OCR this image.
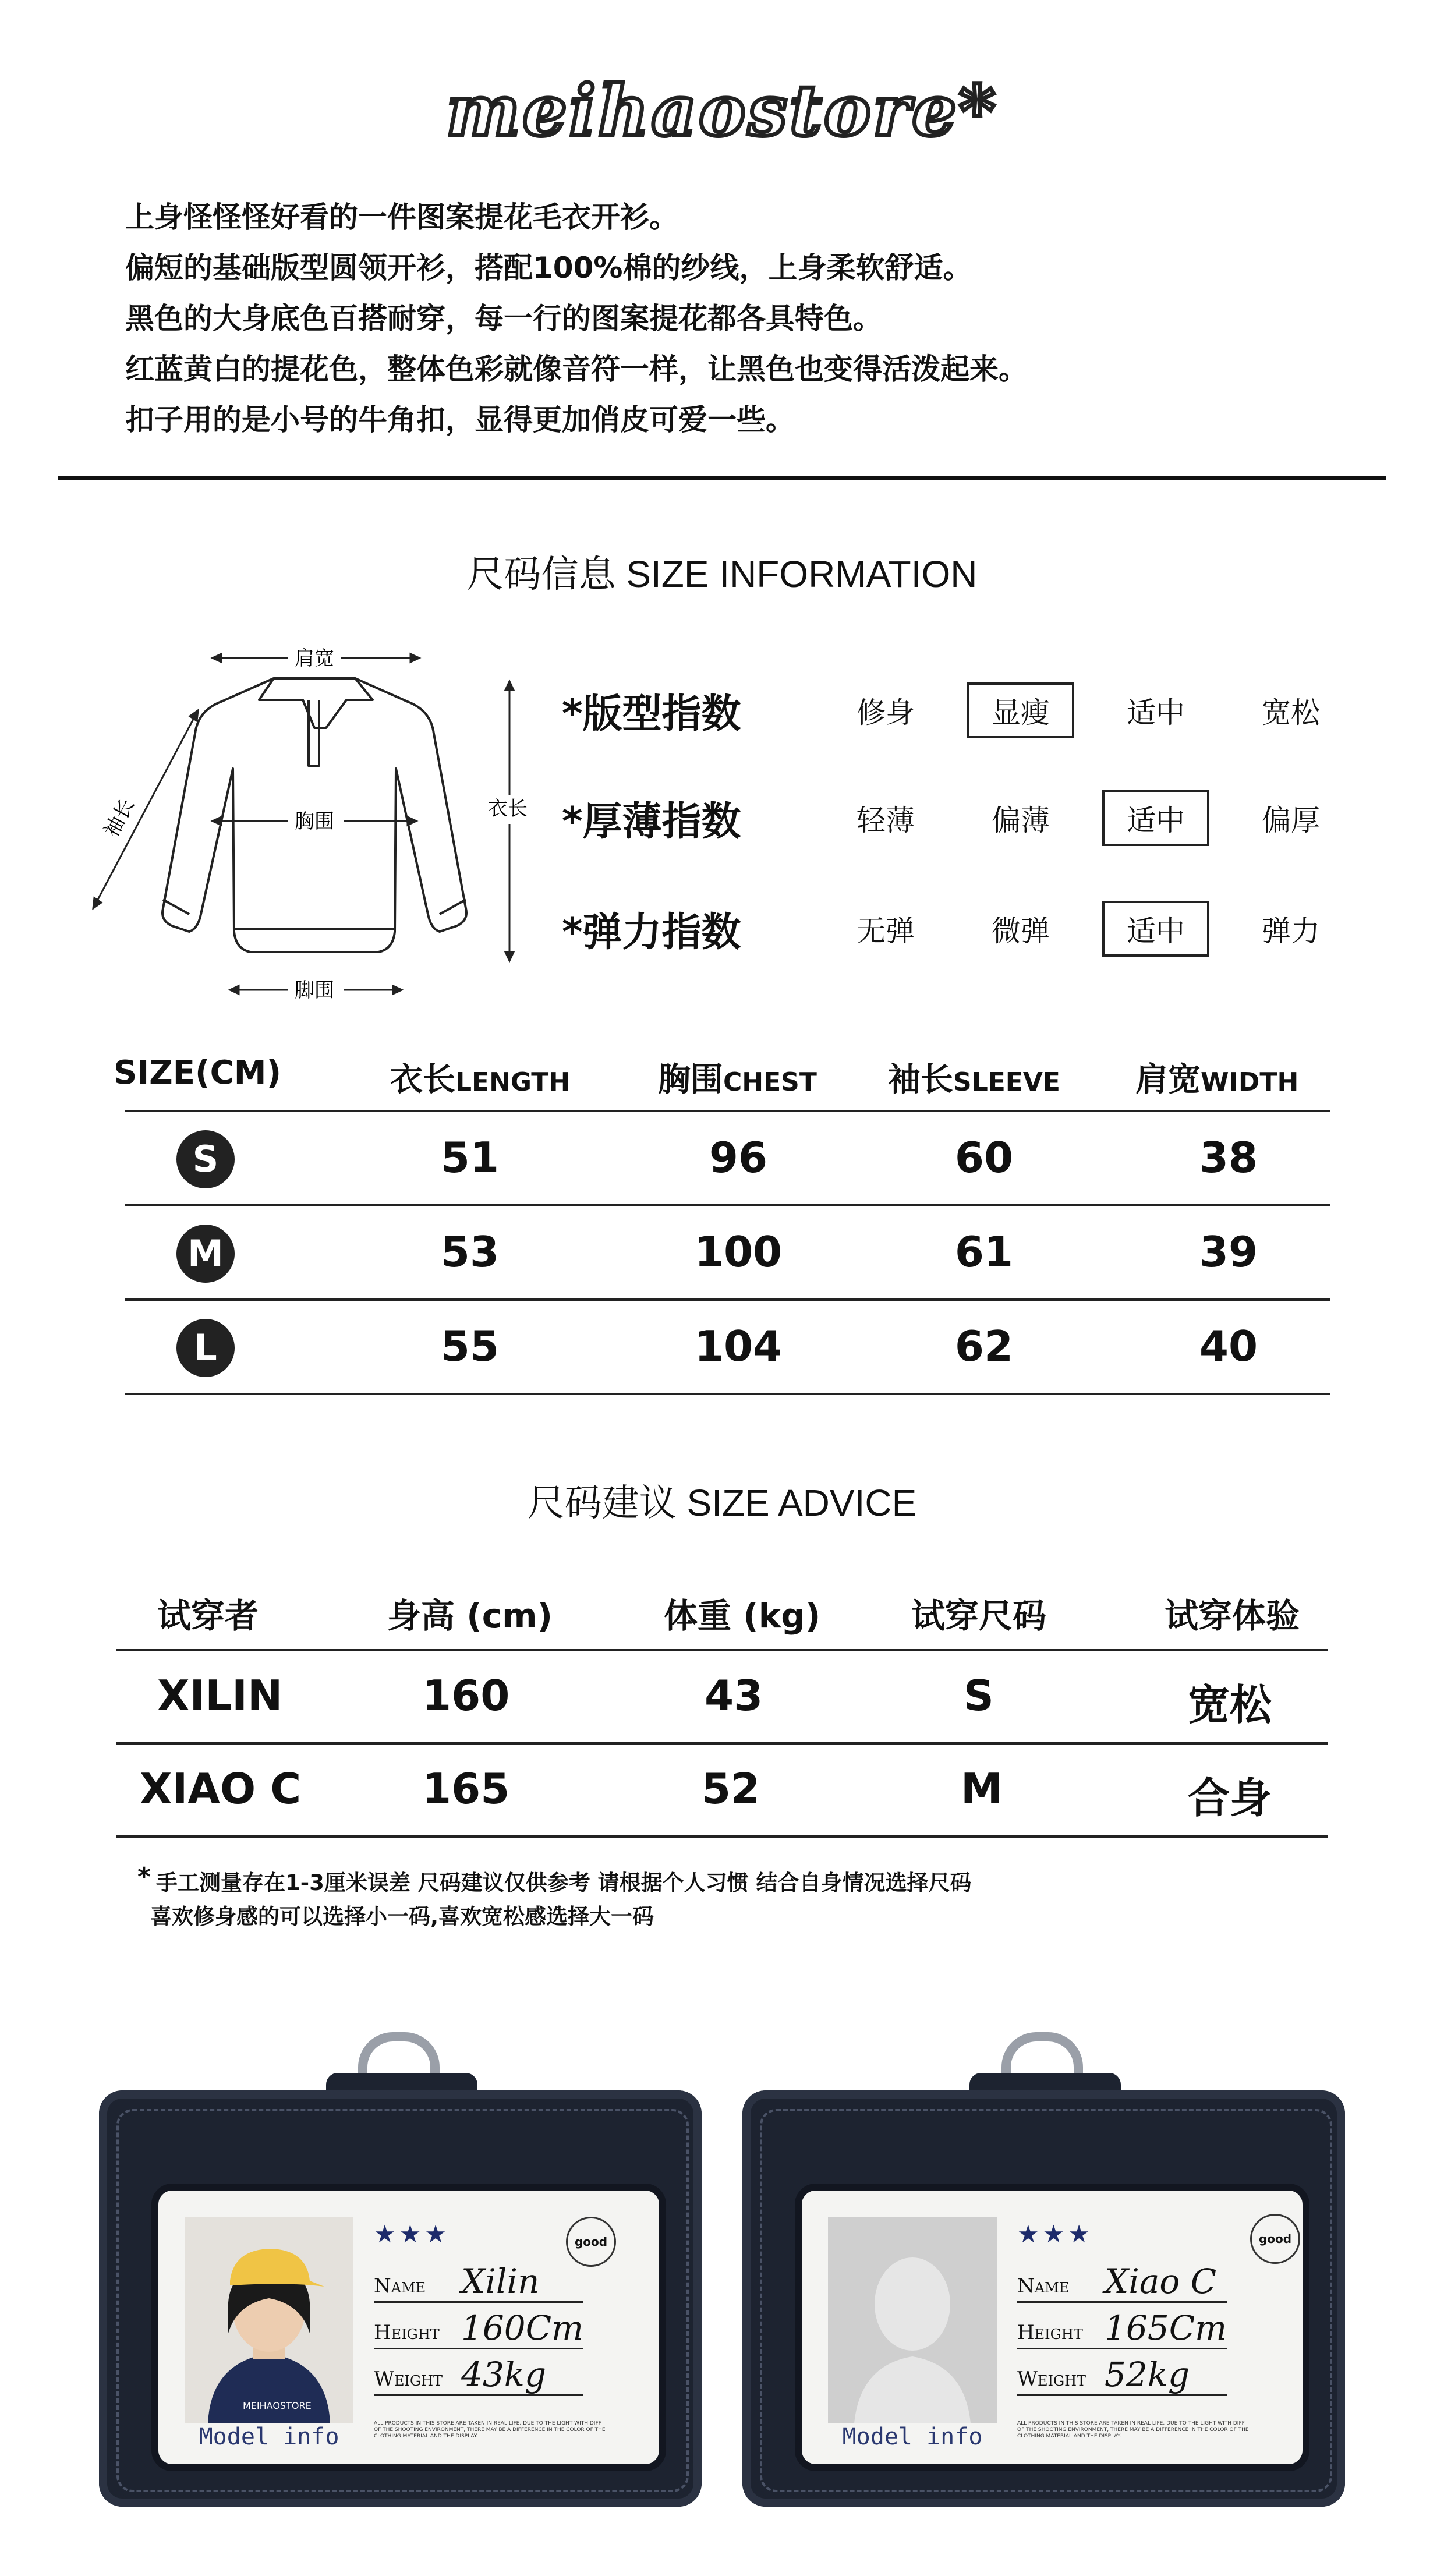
meihaostore*
上身怪怪怪好看的一件图案提花毛衣开衫。
偏短的基础版型圆领开衫，搭配100%棉的纱线，上身柔软舒适。
黑色的大身底色百搭耐穿，每一行的图案提花都各具特色。
红蓝黄白的提花色，整体色彩就像音符一样，让黑色也变得活泼起来。
扣子用的是小号的牛角扣，显得更加俏皮可爱一些。
尺码信息 SIZE INFORMATION
肩宽
衣长
袖长	胸围
脚围
*版型指数	修身	显瘦	适中	宽松
*厚薄指数	轻薄	偏薄	适中	偏厚
*弹力指数	无弹	微弹	适中	弹力
SIZE(CM)	衣长LENGTH	胸围CHEST 袖长SLEEVE 肩宽WIDTH
S	51	96	60	38
M	53	100	61	39
L	55	104	62	40
尺码建议 SIZE ADVICE
试穿者	身高 (cm)	体重 (kg)	试穿尺码	试穿体验
XILIN	160	43	S	宽松
XIAO C	165	52	M	合身
* 手工测量存在1-3厘米误差 尺码建议仅供参考 请根据个人习惯 结合自身情况选择尺码
喜欢修身感的可以选择小一码,喜欢宽松感选择大一码
MEIHAOSTORE
Model info
★★★	good
Name Xilin
Height 160Cm
Weight 43kg
ALL PRODUCTS IN THIS STORE ARE TAKEN IN REAL LIFE. DUE TO THE LIGHT WITH DIFF OF THE SHOOTING ENVIRONMENT, THERE MAY BE A DIFFERENCE IN THE COLOR OF THE CLOTHING MATERIAL AND THE DISPLAY.	Model info
★★★	good
Name Xiao C
Height 165Cm
Weight 52kg
ALL PRODUCTS IN THIS STORE ARE TAKEN IN REAL LIFE. DUE TO THE LIGHT WITH DIFF OF THE SHOOTING ENVIRONMENT, THERE MAY BE A DIFFERENCE IN THE COLOR OF THE CLOTHING MATERIAL AND THE DISPLAY.
